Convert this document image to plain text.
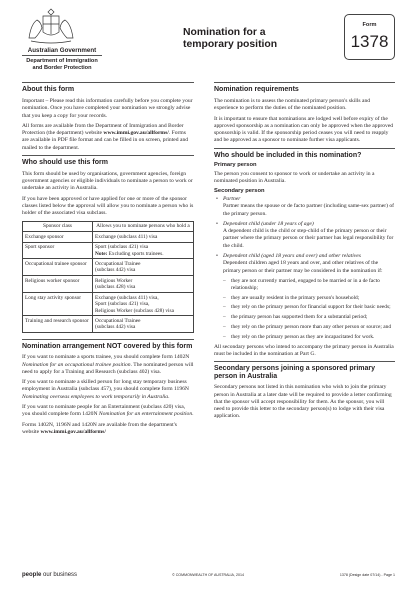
Australian Government
Department of Immigration
and Border Protection
Nomination for a
temporary position
Form
1378
About this form

Important – Please read this information carefully before you complete your nomination. Once you have completed your nomination we strongly advise that you keep a copy for your records.

All forms are available from the Department of Immigration and Border Protection (the department) website www.immi.gov.au/allforms/. Forms are available in PDF file format and can be filled in on screen, printed and mailed to the department.

Who should use this form

This form should be used by organisations, government agencies, foreign government agencies or eligible individuals to nominate a person to work or undertake an activity in Australia.

If you have been approved or have applied for one or more of the sponsor classes listed below the approval will allow you to nominate a person who is holder of the associated visa subclass.

Sponsor class	Allows you to nominate persons who hold a
Exchange sponsor	Exchange (subclass 411) visa

Sport sponsor	Sport (subclass 421) visa
Note: Excluding sports trainees.

Occupational trainee sponsor	Occupational Trainee
(subclass 442) visa

Religious worker sponsor	Religious Worker
(subclass 428) visa

Long stay activity sponsor	Exchange (subclass 411) visa,
Sport (subclass 421) visa,
Religious Worker (subclass 428) visa

Training and research sponsor	Occupational Trainee
(subclass 442) visa
Nomination arrangement NOT covered by this form

If you want to nominate a sports trainee, you should complete form 1402N Nomination for an occupational trainee position. The nominated person will need to apply for a Training and Research (subclass 402) visa.

If you want to nominate a skilled person for long stay temporary business employment in Australia (subclass 457), you should complete form 1196N Nominating overseas employees to work temporarily in Australia.

If you want to nominate people for an Entertainment (subclass 420) visa, you should complete form 1420N Nomination for an entertainment position.

Forms 1402N, 1196N and 1420N are available from the department's website www.immi.gov.au/allforms/

Nomination requirements

The nomination is to assess the nominated primary person's skills and experience to perform the duties of the nominated position.

It is important to ensure that nominations are lodged well before expiry of the approved sponsorship as a nomination can only be approved when the approved sponsorship is valid. If the sponsorship period ceases you will need to reapply and be approved as a sponsor to nominate further visa applicants.

Who should be included in this nomination?
Primary person

The person you consent to sponsor to work or undertake an activity in a nominated position in Australia.

Secondary person
• Partner

Partner means the spouse or de facto partner (including same-sex partner) of the primary person.

• Dependent child (under 18 years of age)

A dependent child is the child or step-child of the primary person or their partner where the primary person or their partner has legal responsibility for the child.

• Dependent child (aged 18 years and over) and other relatives

Dependent children aged 18 years and over, and other relatives of the primary person or their partner may be considered in the nomination if:

– they are not currently married, engaged to be married or in a de facto relationship;
– they are usually resident in the primary person's household;
– they rely on the primary person for financial support for their basic needs;
– the primary person has supported them for a substantial period;
– they rely on the primary person more than any other person or source; and
– they rely on the primary person as they are incapacitated for work.

All secondary persons who intend to accompany the primary person in Australia must be included in the nomination at Part G.

Secondary persons joining a sponsored primary person in Australia

Secondary persons not listed in this nomination who wish to join the primary person in Australia at a later date will be required to provide a letter confirming that the sponsor will accept responsibility for them. As the sponsor, you will need to provide this letter to the secondary person(s) to lodge with their visa application.

people our business	© COMMONWEALTH OF AUSTRALIA, 2014	1378 (Design date 07/14) - Page 1
